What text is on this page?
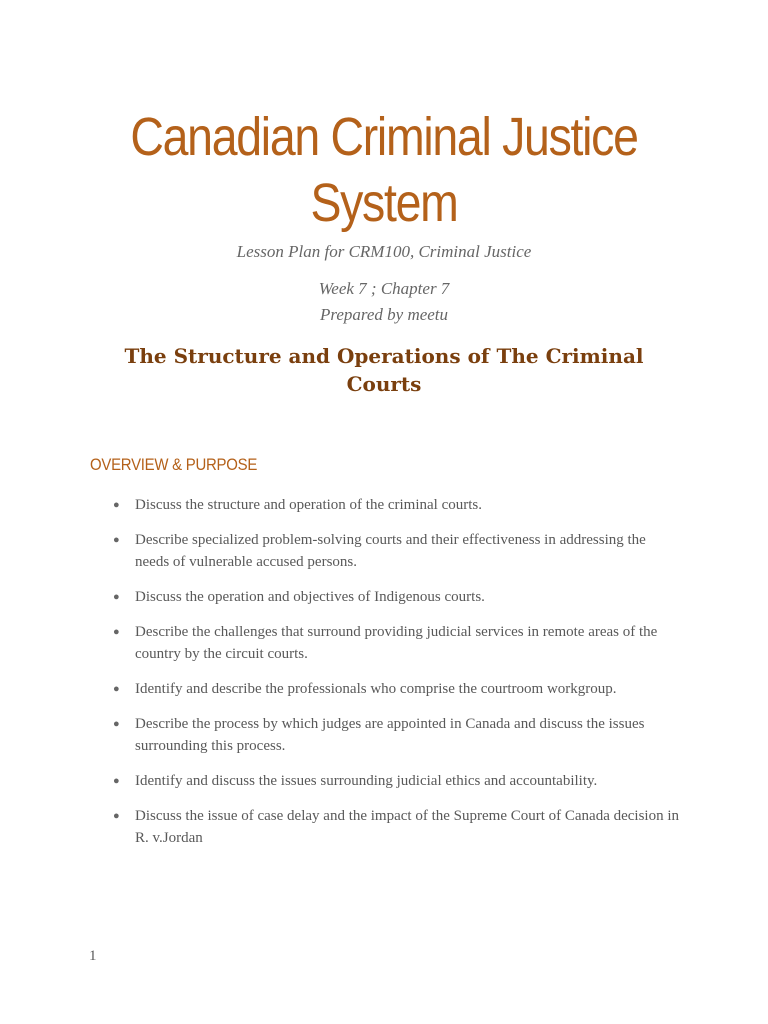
Canadian Criminal Justice
System

Lesson Plan for CRM100, Criminal Justice

Week 7 ; Chapter 7
Prepared by meetu

The Structure and Operations of The Criminal
Courts
OVERVIEW & PURPOSE
● Discuss the structure and operation of the criminal courts.
● Describe specialized problem-solving courts and their effectiveness in addressing the needs of vulnerable accused persons.
● Discuss the operation and objectives of Indigenous courts.
● Describe the challenges that surround providing judicial services in remote areas of the country by the circuit courts.
● Identify and describe the professionals who comprise the courtroom workgroup.
● Describe the process by which judges are appointed in Canada and discuss the issues surrounding this process.
● Identify and discuss the issues surrounding judicial ethics and accountability.
● Discuss the issue of case delay and the impact of the Supreme Court of Canada decision in R. v.Jordan
1
